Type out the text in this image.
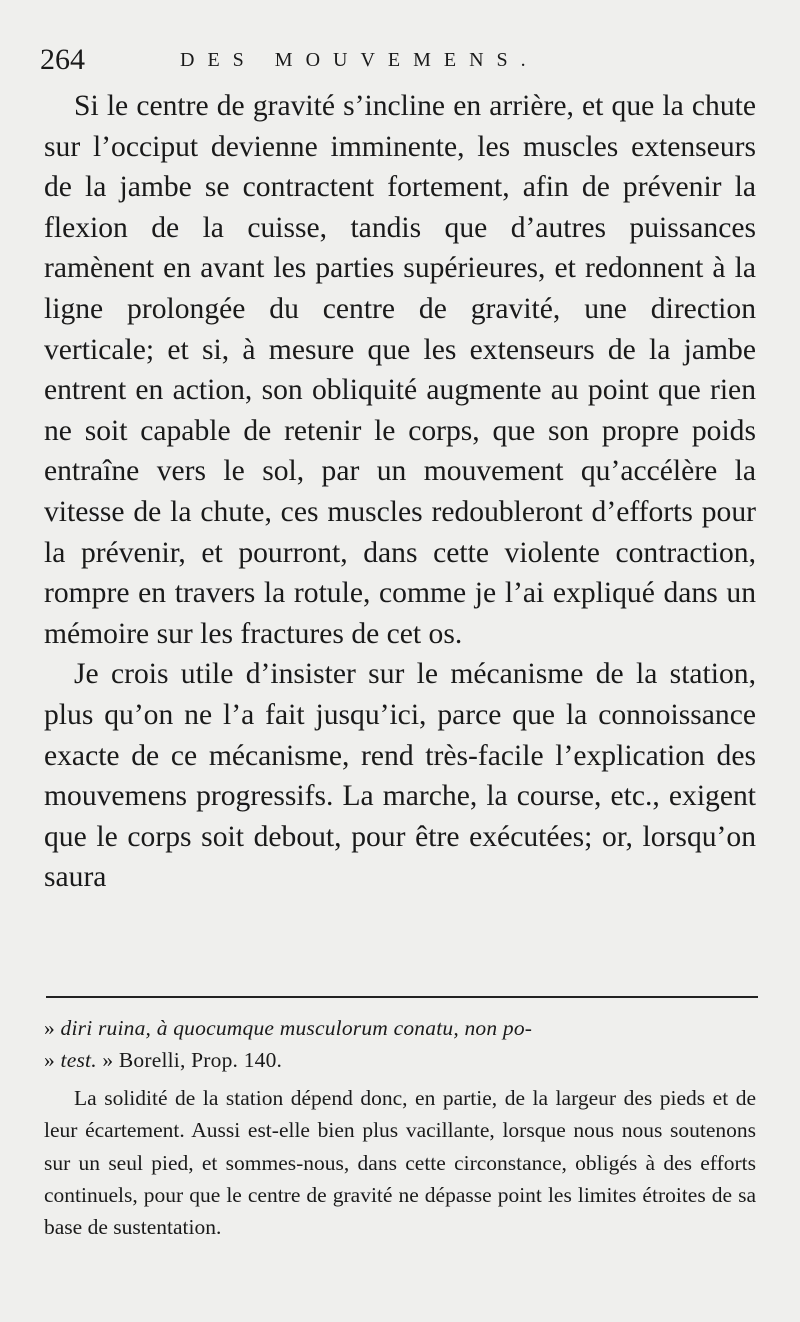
264	DES MOUVEMENS.

Si le centre de gravité s’incline en arrière, et que la chute sur l’occiput devienne imminente, les muscles extenseurs de la jambe se contractent fortement, afin de prévenir la flexion de la cuisse, tandis que d’autres puissances ramènent en avant les parties supérieures, et redonnent à la ligne prolongée du centre de gravité, une direction verticale; et si, à mesure que les extenseurs de la jambe entrent en action, son obliquité augmente au point que rien ne soit capable de retenir le corps, que son propre poids entraîne vers le sol, par un mouvement qu’accélère la vitesse de la chute, ces muscles redoubleront d’efforts pour la prévenir, et pourront, dans cette violente contraction, rompre en travers la rotule, comme je l’ai expliqué dans un mémoire sur les fractures de cet os.

Je crois utile d’insister sur le mécanisme de la station, plus qu’on ne l’a fait jusqu’ici, parce que la connoissance exacte de ce mécanisme, rend très-facile l’explication des mouvemens progressifs. La marche, la course, etc., exigent que le corps soit debout, pour être exécutées; or, lorsqu’on saura

» diri ruina, à quocumque musculorum conatu, non po-

» test. » Borelli, Prop. 140.

La solidité de la station dépend donc, en partie, de la largeur des pieds et de leur écartement. Aussi est-elle bien plus vacillante, lorsque nous nous soutenons sur un seul pied, et sommes-nous, dans cette circonstance, obligés à des efforts continuels, pour que le centre de gravité ne dépasse point les limites étroites de sa base de sustentation.
